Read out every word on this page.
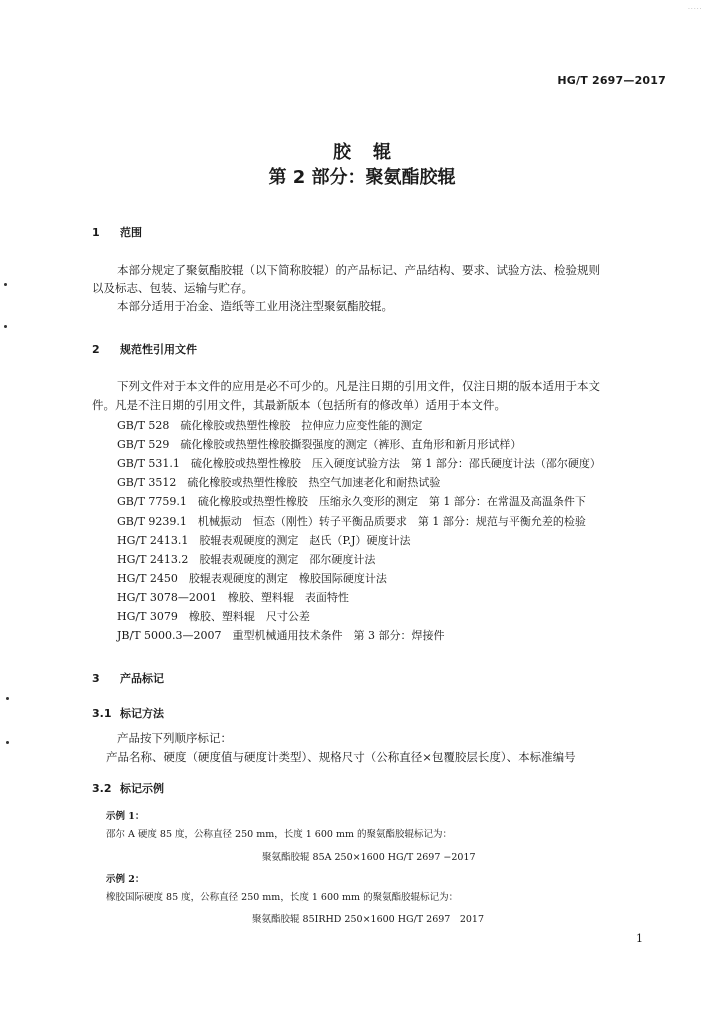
·····
HG/T 2697—2017
胶辊
第 2 部分：聚氨酯胶辊
1 范围
本部分规定了聚氨酯胶辊（以下简称胶辊）的产品标记、产品结构、要求、试验方法、检验规则
以及标志、包装、运输与贮存。
本部分适用于冶金、造纸等工业用浇注型聚氨酯胶辊。
2 规范性引用文件
下列文件对于本文件的应用是必不可少的。凡是注日期的引用文件，仅注日期的版本适用于本文
件。凡是不注日期的引用文件，其最新版本（包括所有的修改单）适用于本文件。
GB/T 528　硫化橡胶或热塑性橡胶　拉伸应力应变性能的测定
GB/T 529　硫化橡胶或热塑性橡胶撕裂强度的测定（裤形、直角形和新月形试样）
GB/T 531.1　硫化橡胶或热塑性橡胶　压入硬度试验方法　第 1 部分：邵氏硬度计法（邵尔硬度）
GB/T 3512　硫化橡胶或热塑性橡胶　热空气加速老化和耐热试验
GB/T 7759.1　硫化橡胶或热塑性橡胶　压缩永久变形的测定　第 1 部分：在常温及高温条件下
GB/T 9239.1　机械振动　恒态（刚性）转子平衡品质要求　第 1 部分：规范与平衡允差的检验
HG/T 2413.1　胶辊表观硬度的测定　赵氏（P.J）硬度计法
HG/T 2413.2　胶辊表观硬度的测定　邵尔硬度计法
HG/T 2450　胶辊表观硬度的测定　橡胶国际硬度计法
HG/T 3078—2001　橡胶、塑料辊　表面特性
HG/T 3079　橡胶、塑料辊　尺寸公差
JB/T 5000.3—2007　重型机械通用技术条件　第 3 部分：焊接件
3 产品标记
3.1 标记方法
产品按下列顺序标记：
产品名称、硬度（硬度值与硬度计类型）、规格尺寸（公称直径×包覆胶层长度）、本标准编号
3.2 标记示例
示例 1：
邵尔 A 硬度 85 度，公称直径 250 mm，长度 1 600 mm 的聚氨酯胶辊标记为：
聚氨酯胶辊 85A 250×1600 HG/T 2697 −2017
示例 2：
橡胶国际硬度 85 度，公称直径 250 mm，长度 1 600 mm 的聚氨酯胶辊标记为：
聚氨酯胶辊 85IRHD 250×1600 HG/T 2697　2017
1
